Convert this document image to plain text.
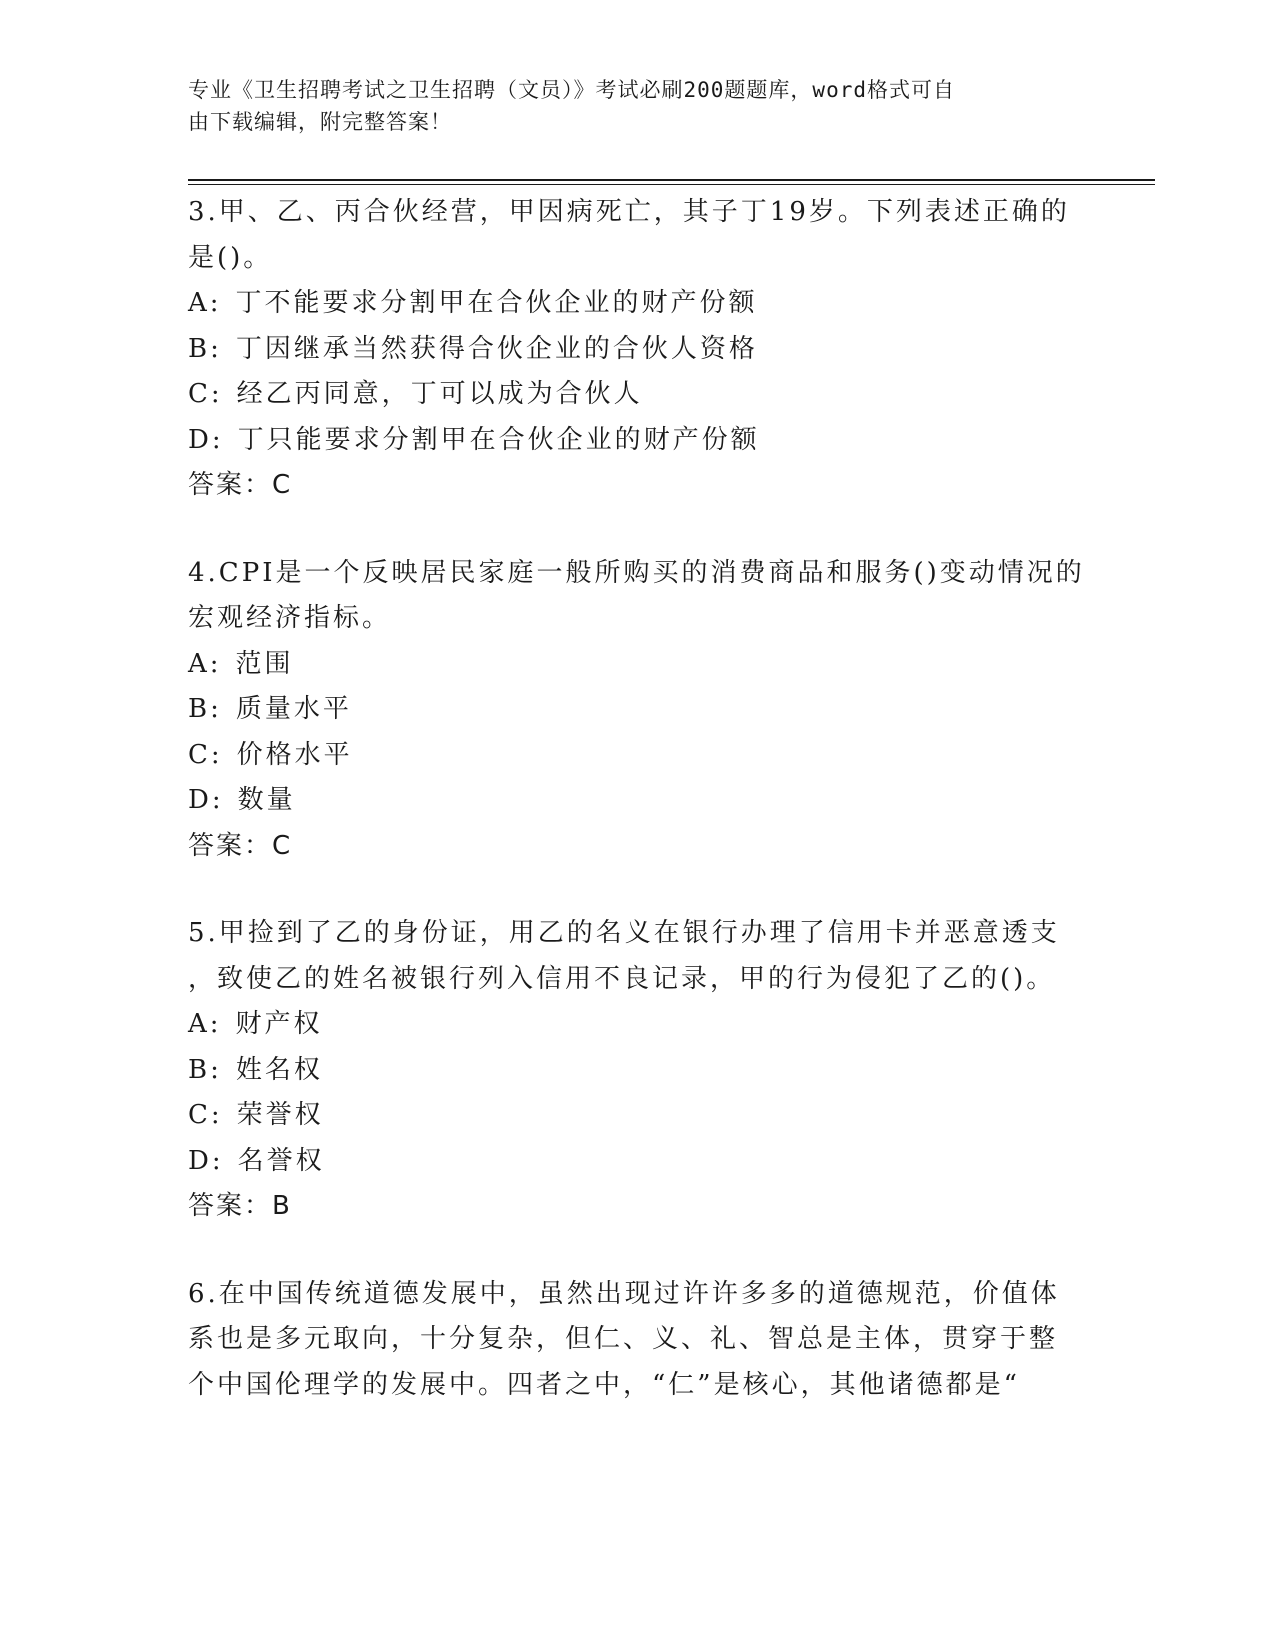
专业《卫生招聘考试之卫生招聘（文员）》考试必刷200题题库，word格式可自

由下载编辑，附完整答案！

3.甲、乙、丙合伙经营，甲因病死亡，其子丁19岁。下列表述正确的

是()。

A: 丁不能要求分割甲在合伙企业的财产份额
B: 丁因继承当然获得合伙企业的合伙人资格
C: 经乙丙同意，丁可以成为合伙人
D: 丁只能要求分割甲在合伙企业的财产份额

答案：C

4.CPI是一个反映居民家庭一般所购买的消费商品和服务()变动情况的

宏观经济指标。

A: 范围
B: 质量水平
C: 价格水平
D: 数量

答案：C

5.甲捡到了乙的身份证，用乙的名义在银行办理了信用卡并恶意透支

，致使乙的姓名被银行列入信用不良记录，甲的行为侵犯了乙的()。

A: 财产权
B: 姓名权
C: 荣誉权
D: 名誉权

答案：B

6.在中国传统道德发展中，虽然出现过许许多多的道德规范，价值体

系也是多元取向，十分复杂，但仁、义、礼、智总是主体，贯穿于整

个中国伦理学的发展中。四者之中，“仁”是核心，其他诸德都是“
